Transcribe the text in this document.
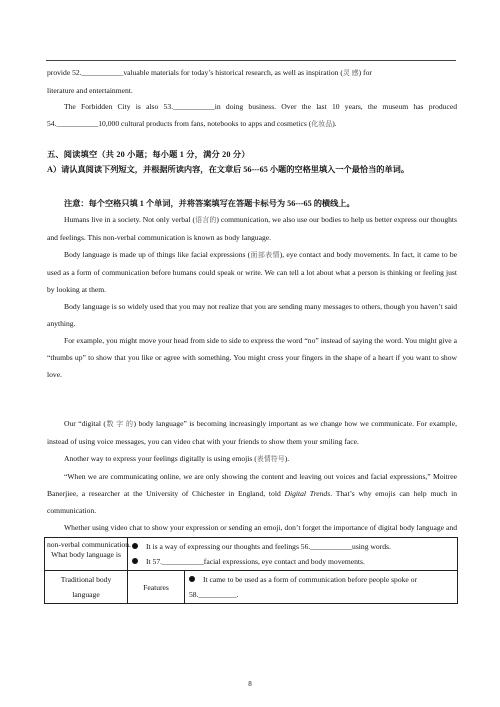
provide 52.___________valuable materials for today’s historical research, as well as inspiration (灵 感) for
literature and entertainment.
The Forbidden City is also 53.___________in doing business. Over the last 10 years, the museum has produced 54.___________10,000 cultural products from fans, notebooks to apps and cosmetics (化妆品).
五、阅读填空（共 20 小题；每小题 1 分，满分 20 分）
A）请认真阅读下列短文，并根据所读内容，在文章后 56---65 小题的空格里填入一个最恰当的单词。
注意：每个空格只填 1 个单词，并将答案填写在答题卡标号为 56---65 的横线上。
Humans live in a society. Not only verbal (语言的) communication, we also use our bodies to help us better express our thoughts and feelings. This non-verbal communication is known as body language.
Body language is made up of things like facial expressions (面部表情), eye contact and body movements. In fact, it came to be used as a form of communication before humans could speak or write. We can tell a lot about what a person is thinking or feeling just by looking at them.
Body language is so widely used that you may not realize that you are sending many messages to others, though you haven’t said anything.
For example, you might move your head from side to side to express the word “no” instead of saying the word. You might give a “thumbs up” to show that you like or agree with something. You might cross your fingers in the shape of a heart if you want to show love.
Our “digital (数 字 的) body language” is becoming increasingly important as we change how we communicate. For example, instead of using voice messages, you can video chat with your friends to show them your smiling face.
Another way to express your feelings digitally is using emojis (表情符号).
“When we are communicating online, we are only showing the content and leaving out voices and facial expressions,” Moitree Banerjiee, a researcher at the University of Chichester in England, told Digital Trends. That’s why emojis can help much in communication.
Whether using video chat to show your expression or sending an emoji, don’t forget the importance of digital body language and non-verbal communication.
What body language is	It is a way of expressing our thoughts and feelings 56.___________using words.
It 57.___________facial expressions, eye contact and body movements.	

Traditional body language	Features	It came to be used as a form of communication before people spoke or 58.__________.
8
